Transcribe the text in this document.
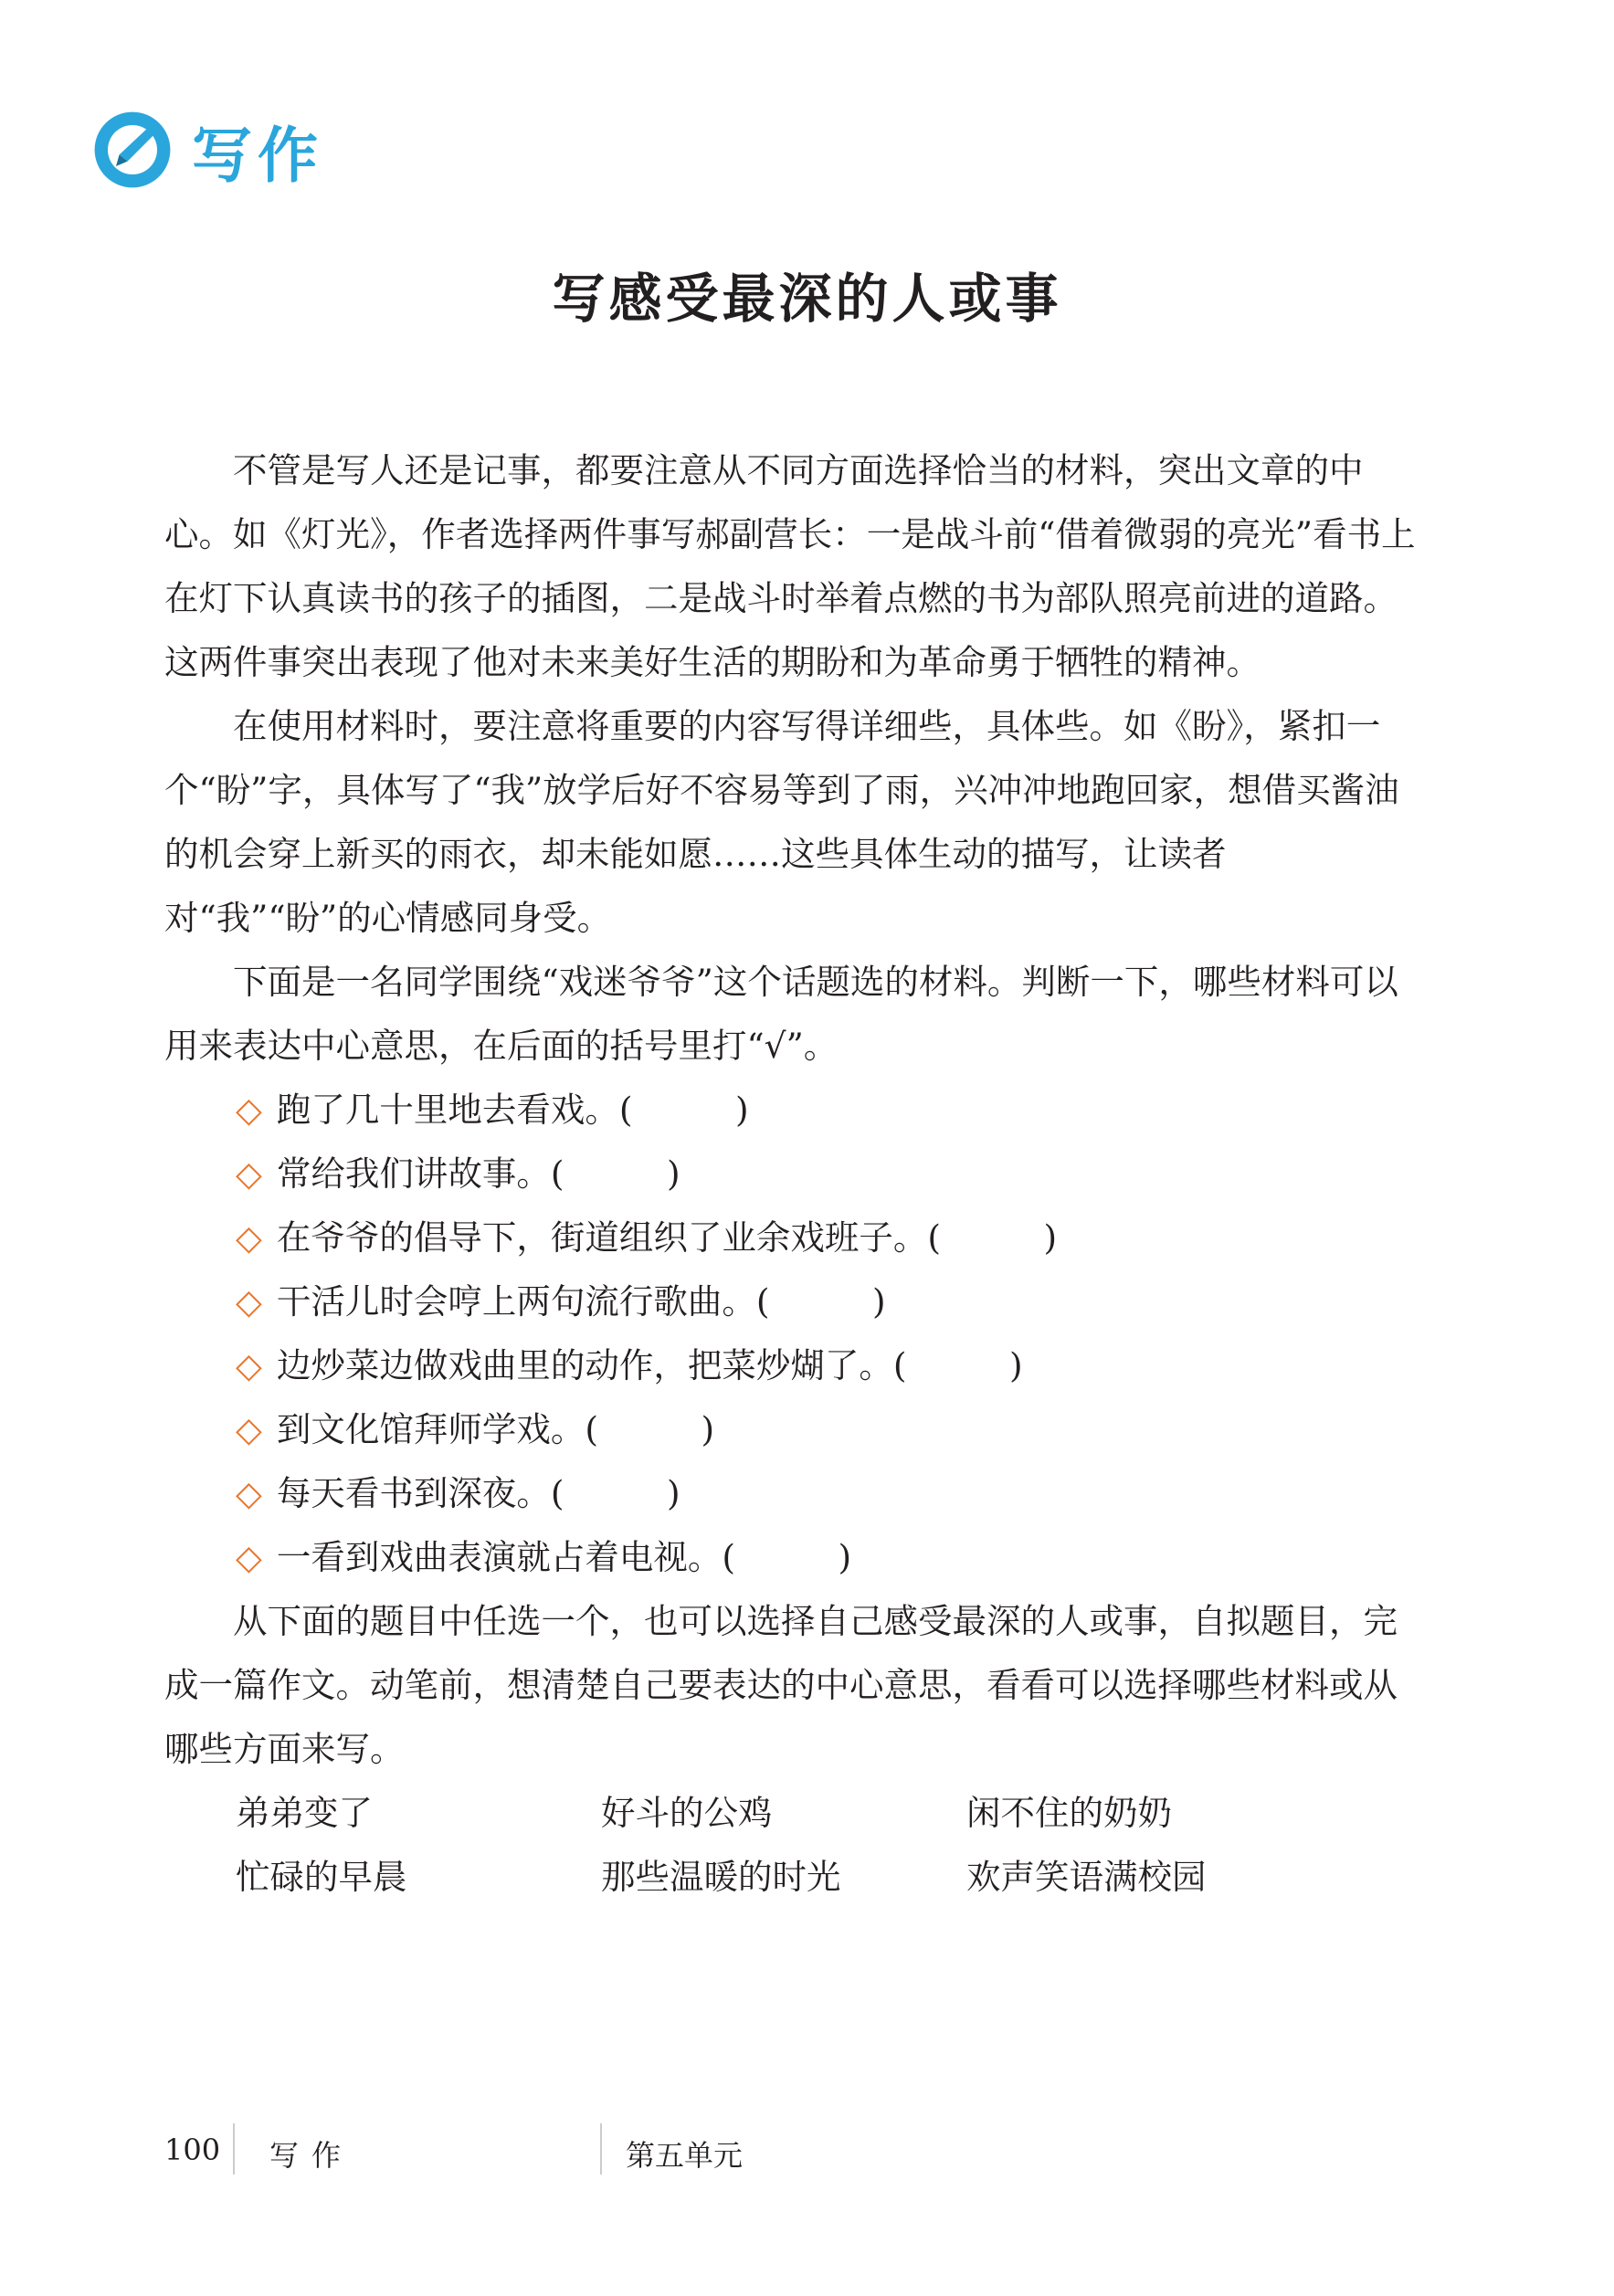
写作
写感受最深的人或事

不管是写人还是记事，都要注意从不同方面选择恰当的材料，突出文章的中心。如《灯光》，作者选择两件事写郝副营长：一是战斗前“借着微弱的亮光”看书上在灯下认真读书的孩子的插图，二是战斗时举着点燃的书为部队照亮前进的道路。这两件事突出表现了他对未来美好生活的期盼和为革命勇于牺牲的精神。

在使用材料时，要注意将重要的内容写得详细些，具体些。如《盼》，紧扣一个“盼”字，具体写了“我”放学后好不容易等到了雨，兴冲冲地跑回家，想借买酱油的机会穿上新买的雨衣，却未能如愿……这些具体生动的描写，让读者对“我”“盼”的心情感同身受。

下面是一名同学围绕“戏迷爷爷”这个话题选的材料。判断一下，哪些材料可以用来表达中心意思，在后面的括号里打“√”。

◇ 跑了几十里地去看戏。(　　　)
◇ 常给我们讲故事。(　　　)
◇ 在爷爷的倡导下，街道组织了业余戏班子。(　　　)
◇ 干活儿时会哼上两句流行歌曲。(　　　)
◇ 边炒菜边做戏曲里的动作，把菜炒煳了。(　　　)
◇ 到文化馆拜师学戏。(　　　)
◇ 每天看书到深夜。(　　　)
◇ 一看到戏曲表演就占着电视。(　　　)

从下面的题目中任选一个，也可以选择自己感受最深的人或事，自拟题目，完成一篇作文。动笔前，想清楚自己要表达的中心意思，看看可以选择哪些材料或从哪些方面来写。

弟弟变了	好斗的公鸡	闲不住的奶奶
忙碌的早晨	那些温暖的时光	欢声笑语满校园
100 写作	第五单元
